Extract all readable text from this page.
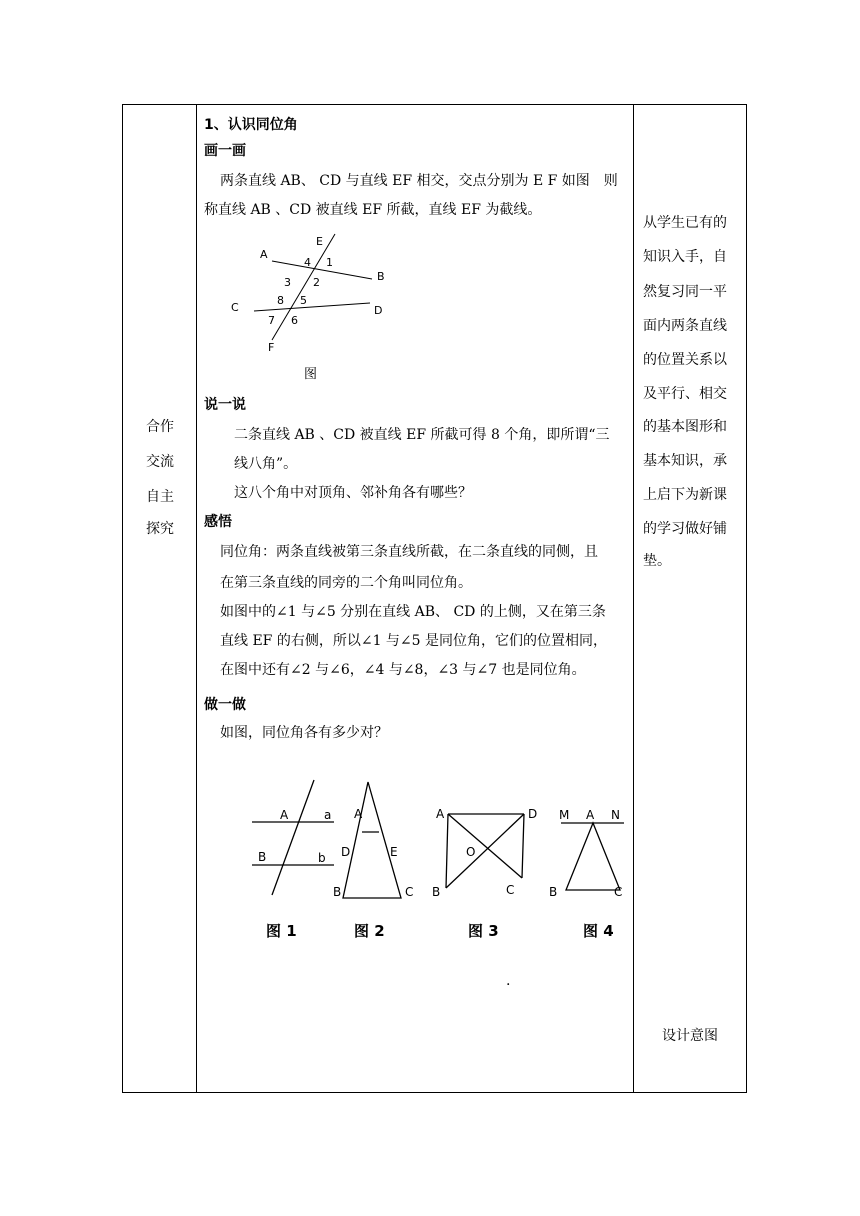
合作
交流
自主
探究
1、认识同位角
画一画
两条直线 AB、 CD 与直线 EF 相交，交点分别为 E F 如图　则
称直线 AB 、CD 被直线 EF 所截，直线 EF 为截线。
A
E
B
C	D
F
4 1
3 2
8 5
7 6
图
说一说
二条直线 AB 、CD 被直线 EF 所截可得 8 个角，即所谓“三
线八角”。
这八个角中对顶角、邻补角各有哪些？
感悟
同位角：两条直线被第三条直线所截，在二条直线的同侧，且
在第三条直线的同旁的二个角叫同位角。
如图中的∠1 与∠5 分别在直线 AB、 CD 的上侧，又在第三条
直线 EF 的右侧，所以∠1 与∠5 是同位角，它们的位置相同，
在图中还有∠2 与∠6，∠4 与∠8，∠3 与∠7 也是同位角。
做一做
如图，同位角各有多少对？
A	a
B	b
图 1
A
D	E
B	C
图 2
A	D
O
B	C
图 3
M A N
B	C
图 4
.
从学生已有的
知识入手，自
然复习同一平
面内两条直线
的位置关系以
及平行、相交
的基本图形和
基本知识，承
上启下为新课
的学习做好铺
垫。
设计意图
